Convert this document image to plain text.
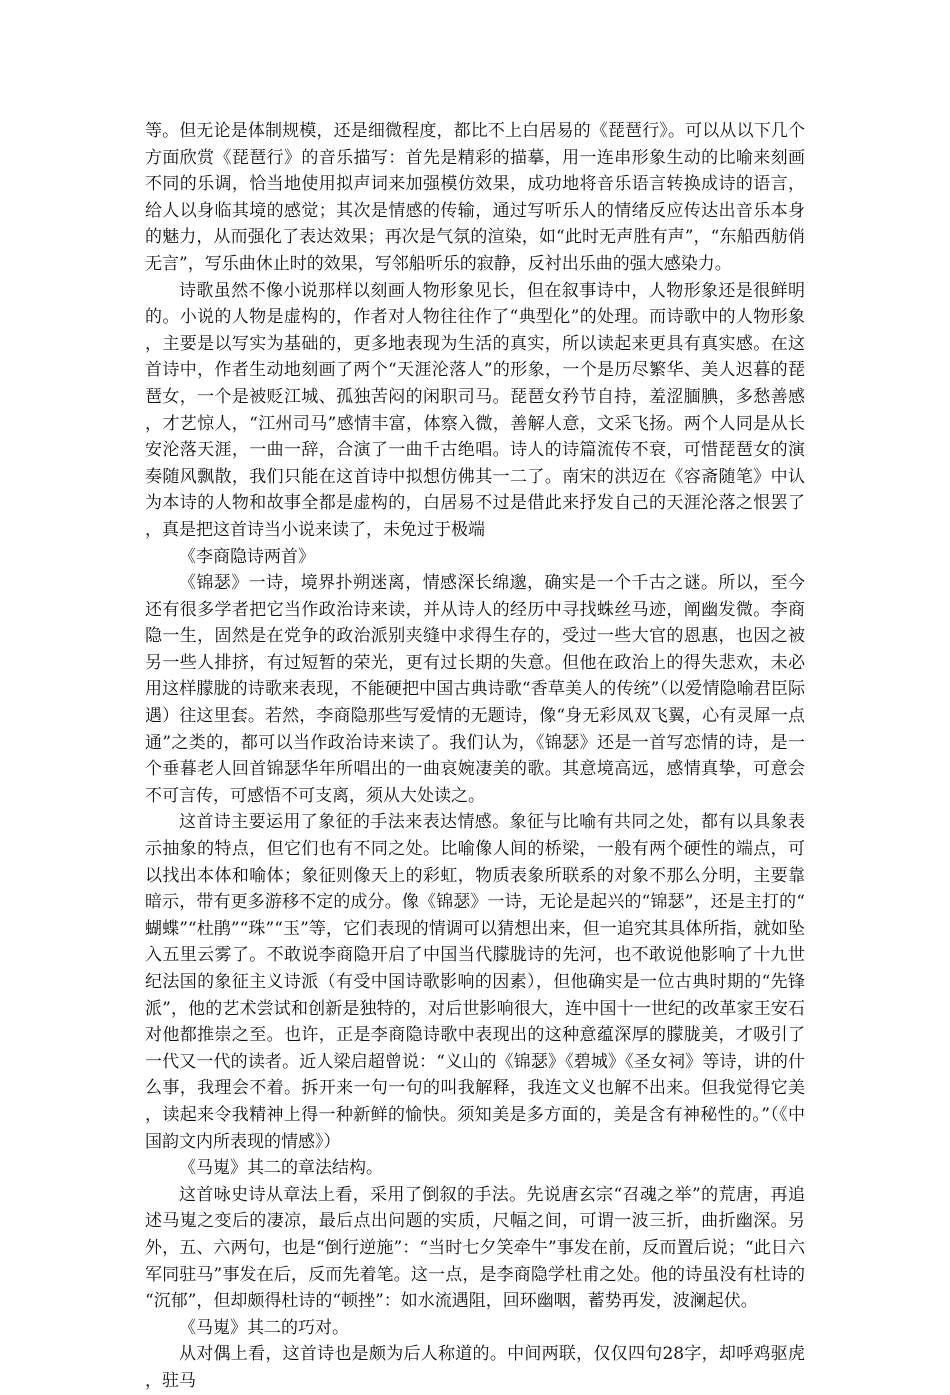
等。但无论是体制规模，还是细微程度，都比不上白居易的《琵琶行》。可以从以下几个方面欣赏《琵琶行》的音乐描写：首先是精彩的描摹，用一连串形象生动的比喻来刻画不同的乐调，恰当地使用拟声词来加强模仿效果，成功地将音乐语言转换成诗的语言，给人以身临其境的感觉；其次是情感的传输，通过写听乐人的情绪反应传达出音乐本身的魅力，从而强化了表达效果；再次是气氛的渲染，如“此时无声胜有声”，“东船西舫俏无言”，写乐曲休止时的效果，写邻船听乐的寂静，反衬出乐曲的强大感染力。

诗歌虽然不像小说那样以刻画人物形象见长，但在叙事诗中，人物形象还是很鲜明的。小说的人物是虚构的，作者对人物往往作了“典型化”的处理。而诗歌中的人物形象，主要是以写实为基础的，更多地表现为生活的真实，所以读起来更具有真实感。在这首诗中，作者生动地刻画了两个“天涯沦落人”的形象，一个是历尽繁华、美人迟暮的琵琶女，一个是被贬江城、孤独苦闷的闲职司马。琵琶女矜节自持，羞涩腼腆，多愁善感，才艺惊人，“江州司马”感情丰富，体察入微，善解人意，文采飞扬。两个人同是从长安沦落天涯，一曲一辞，合演了一曲千古绝唱。诗人的诗篇流传不衰，可惜琵琶女的演奏随风飘散，我们只能在这首诗中拟想仿佛其一二了。南宋的洪迈在《容斋随笔》中认为本诗的人物和故事全都是虚构的，白居易不过是借此来抒发自己的天涯沦落之恨罢了，真是把这首诗当小说来读了，未免过于极端

《李商隐诗两首》

《锦瑟》一诗，境界扑朔迷离，情感深长绵邈，确实是一个千古之谜。所以，至今还有很多学者把它当作政治诗来读，并从诗人的经历中寻找蛛丝马迹，阐幽发微。李商隐一生，固然是在党争的政治派别夹缝中求得生存的，受过一些大官的恩惠，也因之被另一些人排挤，有过短暂的荣光，更有过长期的失意。但他在政治上的得失悲欢，未必用这样朦胧的诗歌来表现，不能硬把中国古典诗歌“香草美人的传统”（以爱情隐喻君臣际遇）往这里套。若然，李商隐那些写爱情的无题诗，像“身无彩凤双飞翼，心有灵犀一点通”之类的，都可以当作政治诗来读了。我们认为，《锦瑟》还是一首写恋情的诗，是一个垂暮老人回首锦瑟华年所唱出的一曲哀婉凄美的歌。其意境高远，感情真挚，可意会不可言传，可感悟不可支离，须从大处读之。

这首诗主要运用了象征的手法来表达情感。象征与比喻有共同之处，都有以具象表示抽象的特点，但它们也有不同之处。比喻像人间的桥梁，一般有两个硬性的端点，可以找出本体和喻体；象征则像天上的彩虹，物质表象所联系的对象不那么分明，主要靠暗示，带有更多游移不定的成分。像《锦瑟》一诗，无论是起兴的“锦瑟”，还是主打的“蝴蝶”“杜鹃”“珠”“玉”等，它们表现的情调可以猜想出来，但一追究其具体所指，就如坠入五里云雾了。不敢说李商隐开启了中国当代朦胧诗的先河，也不敢说他影响了十九世纪法国的象征主义诗派（有受中国诗歌影响的因素），但他确实是一位古典时期的“先锋派”，他的艺术尝试和创新是独特的，对后世影响很大，连中国十一世纪的改革家王安石对他都推崇之至。也许，正是李商隐诗歌中表现出的这种意蕴深厚的朦胧美，才吸引了一代又一代的读者。近人梁启超曾说：“义山的《锦瑟》《碧城》《圣女祠》等诗，讲的什么事，我理会不着。拆开来一句一句的叫我解释，我连文义也解不出来。但我觉得它美，读起来令我精神上得一种新鲜的愉快。须知美是多方面的，美是含有神秘性的。”（《中国韵文内所表现的情感》）

《马嵬》其二的章法结构。

这首咏史诗从章法上看，采用了倒叙的手法。先说唐玄宗“召魂之举”的荒唐，再追述马嵬之变后的凄凉，最后点出问题的实质，尺幅之间，可谓一波三折，曲折幽深。另外，五、六两句，也是“倒行逆施”：“当时七夕笑牵牛”事发在前，反而置后说；“此日六军同驻马”事发在后，反而先着笔。这一点，是李商隐学杜甫之处。他的诗虽没有杜诗的“沉郁”，但却颇得杜诗的“顿挫”：如水流遇阻，回环幽咽，蓄势再发，波澜起伏。

《马嵬》其二的巧对。

从对偶上看，这首诗也是颇为后人称道的。中间两联，仅仅四句28字，却呼鸡驱虎，驻马
